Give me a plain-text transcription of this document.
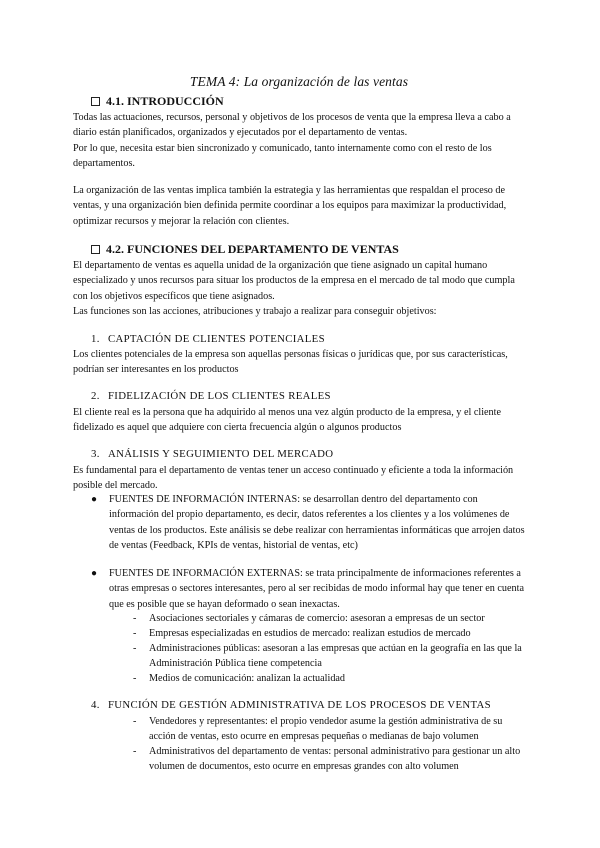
TEMA 4: La organización de las ventas
4.1. INTRODUCCIÓN

Todas las actuaciones, recursos, personal y objetivos de los procesos de venta que la empresa lleva a cabo a diario están planificados, organizados y ejecutados por el departamento de ventas.

Por lo que, necesita estar bien sincronizado y comunicado, tanto internamente como con el resto de los departamentos.

La organización de las ventas implica también la estrategia y las herramientas que respaldan el proceso de ventas, y una organización bien definida permite coordinar a los equipos para maximizar la productividad, optimizar recursos y mejorar la relación con clientes.

4.2. FUNCIONES DEL DEPARTAMENTO DE VENTAS

El departamento de ventas es aquella unidad de la organización que tiene asignado un capital humano especializado y unos recursos para situar los productos de la empresa en el mercado de tal modo que cumpla con los objetivos específicos que tiene asignados.

Las funciones son las acciones, atribuciones y trabajo a realizar para conseguir objetivos:

1. CAPTACIÓN DE CLIENTES POTENCIALES

Los clientes potenciales de la empresa son aquellas personas físicas o jurídicas que, por sus características, podrían ser interesantes en los productos

2. FIDELIZACIÓN DE LOS CLIENTES REALES

El cliente real es la persona que ha adquirido al menos una vez algún producto de la empresa, y el cliente fidelizado es aquel que adquiere con cierta frecuencia algún o algunos productos

3. ANÁLISIS Y SEGUIMIENTO DEL MERCADO

Es fundamental para el departamento de ventas tener un acceso continuado y eficiente a toda la información posible del mercado.

● FUENTES DE INFORMACIÓN INTERNAS: se desarrollan dentro del departamento con información del propio departamento, es decir, datos referentes a los clientes y a los volúmenes de ventas de los productos. Este análisis se debe realizar con herramientas informáticas que arrojen datos de ventas (Feedback, KPIs de ventas, historial de ventas, etc)
● FUENTES DE INFORMACIÓN EXTERNAS: se trata principalmente de informaciones referentes a otras empresas o sectores interesantes, pero al ser recibidas de modo informal hay que tener en cuenta que es posible que se hayan deformado o sean inexactas.
- Asociaciones sectoriales y cámaras de comercio: asesoran a empresas de un sector
- Empresas especializadas en estudios de mercado: realizan estudios de mercado
- Administraciones públicas: asesoran a las empresas que actúan en la geografía en las que la Administración Pública tiene competencia
- Medios de comunicación: analizan la actualidad
4. FUNCIÓN DE GESTIÓN ADMINISTRATIVA DE LOS PROCESOS DE VENTAS
- Vendedores y representantes: el propio vendedor asume la gestión administrativa de su acción de ventas, esto ocurre en empresas pequeñas o medianas de bajo volumen
- Administrativos del departamento de ventas: personal administrativo para gestionar un alto volumen de documentos, esto ocurre en empresas grandes con alto volumen
